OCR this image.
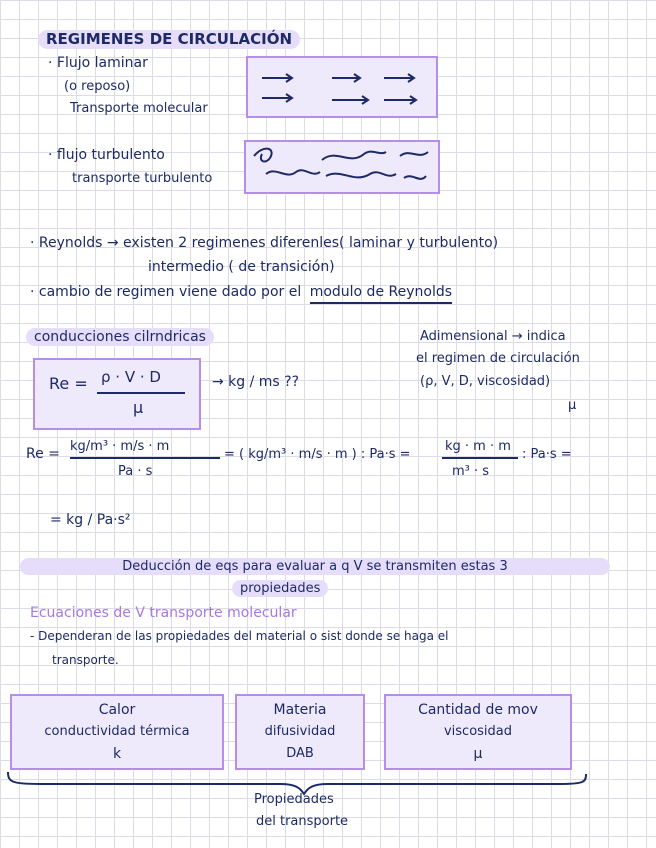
REGIMENES DE CIRCULACIÓN
· Flujo laminar
(o reposo)
Transporte molecular
· flujo turbulento
transporte turbulento
· Reynolds → existen 2 regimenes diferenles( laminar y turbulento)
intermedio ( de transición)
· cambio de regimen viene dado por el modulo de Reynolds
conducciones cilrndricas	Adimensional → indica
el regimen de circulación
(ρ, V, D, viscosidad)
μ
Re = ρ · V · D
μ
→ kg / ms ??
Re = kg/m³ · m/s · m
Pa · s
= ( kg/m³ · m/s · m ) : Pa·s =
kg · m · m
m³ · s
: Pa·s =
= kg / Pa·s²
Deducción de eqs para evaluar a q V se transmiten estas 3
propiedades
Ecuaciones de V transporte molecular
- Dependeran de las propiedades del material o sist donde se haga el
transporte.
Calor
conductividad térmica
k
Materia
difusividad
DAB
Cantidad de mov
viscosidad
μ
Propiedades
del transporte
